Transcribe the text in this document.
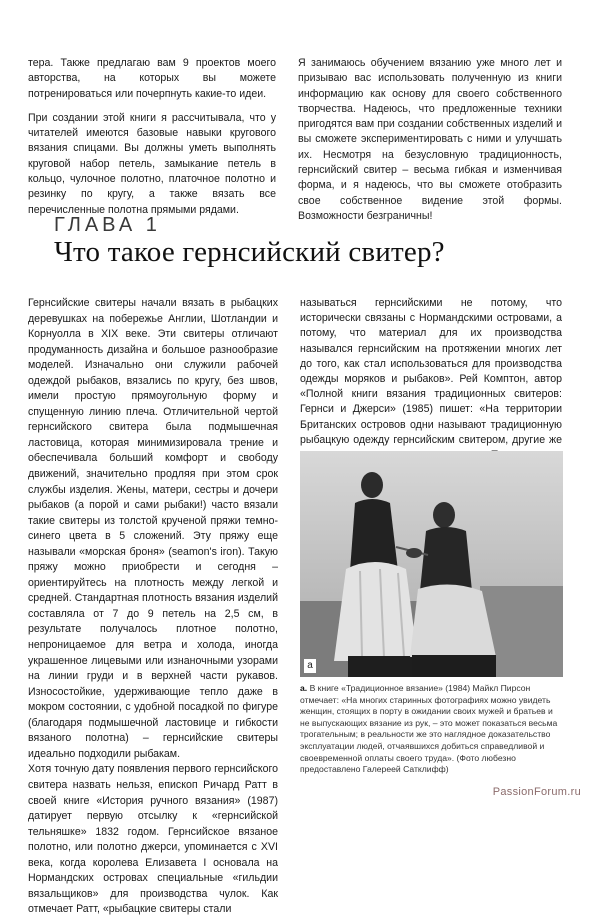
тера. Также предлагаю вам 9 проектов моего авторства, на которых вы можете потренироваться или почерпнуть какие-то идеи.

При создании этой книги я рассчитывала, что у читателей имеются базовые навыки кругового вязания спицами. Вы должны уметь выполнять круговой набор петель, замыкание петель в кольцо, чулочное полотно, платочное полотно и резинку по кругу, а также вязать все перечисленные полотна прямыми рядами.

Я занимаюсь обучением вязанию уже много лет и призываю вас использовать полученную из книги информацию как основу для своего собственного творчества. Надеюсь, что предложенные техники пригодятся вам при создании собственных изделий и вы сможете экспериментировать с ними и улучшать их. Несмотря на безусловную традиционность, гернсийский свитер – весьма гибкая и изменчивая форма, и я надеюсь, что вы сможете отобразить свое собственное видение этой формы. Возможности безграничны!

ГЛАВА 1
Что такое гернсийский свитер?

Гернсийские свитеры начали вязать в рыбацких деревушках на побережье Англии, Шотландии и Корнуолла в XIX веке. Эти свитеры отличают продуманность дизайна и большое разнообразие моделей. Изначально они служили рабочей одеждой рыбаков, вязались по кругу, без швов, имели простую прямоугольную форму и спущенную линию плеча. Отличительной чертой гернсийского свитера была подмышечная ластовица, которая минимизировала трение и обеспечивала больший комфорт и свободу движений, значительно продляя при этом срок службы изделия. Жены, матери, сестры и дочери рыбаков (а порой и сами рыбаки!) часто вязали такие свитеры из толстой крученой пряжи темно-синего цвета в 5 сложений. Эту пряжу еще называли «морская броня» (seamon's iron). Такую пряжу можно приобрести и сегодня – ориентируйтесь на плотность между легкой и средней. Стандартная плотность вязания изделий составляла от 7 до 9 петель на 2,5 см, в результате получалось плотное полотно, непроницаемое для ветра и холода, иногда украшенное лицевыми или изнаночными узорами на линии груди и в верхней части рукавов. Износостойкие, удерживающие тепло даже в мокром состоянии, с удобной посадкой по фигуре (благодаря подмышечной ластовице и гибкости вязаного полотна) – гернсийские свитеры идеально подходили рыбакам.

Хотя точную дату появления первого гернсийского свитера назвать нельзя, епископ Ричард Ратт в своей книге «История ручного вязания» (1987) датирует первую отсылку к «гернсийской тельняшке» 1832 годом. Гернсийское вязаное полотно, или полотно джерси, упоминается с XVI века, когда королева Елизавета I основала на Нормандских островах специальные «гильдии вязальщиков» для производства чулок. Как отмечает Ратт, «рыбацкие свитеры стали

называться гернсийскими не потому, что исторически связаны с Нормандскими островами, а потому, что материал для их производства назывался гернсийским на протяжении многих лет до того, как стал использоваться для производства одежды моряков и рыбаков». Рей Комптон, автор «Полной книги вязания традиционных свитеров: Гернси и Джерси» (1985) пишет: «На территории Британских островов одни называют традиционную рыбацкую одежду гернсийским свитером, другие же

а
а. В книге «Традиционное вязание» (1984) Майкл Пирсон отмечает: «На многих старинных фотографиях можно увидеть женщин, стоящих в порту в ожидании своих мужей и братьев и не выпускающих вязание из рук, – это может показаться весьма трогательным; в реальности же это наглядное доказательство эксплуатации людей, отчаявшихся добиться справедливой и своевременной оплаты своего труда». (Фото любезно предоставлено Галереей Сатклифф)
PassionForum.ru
